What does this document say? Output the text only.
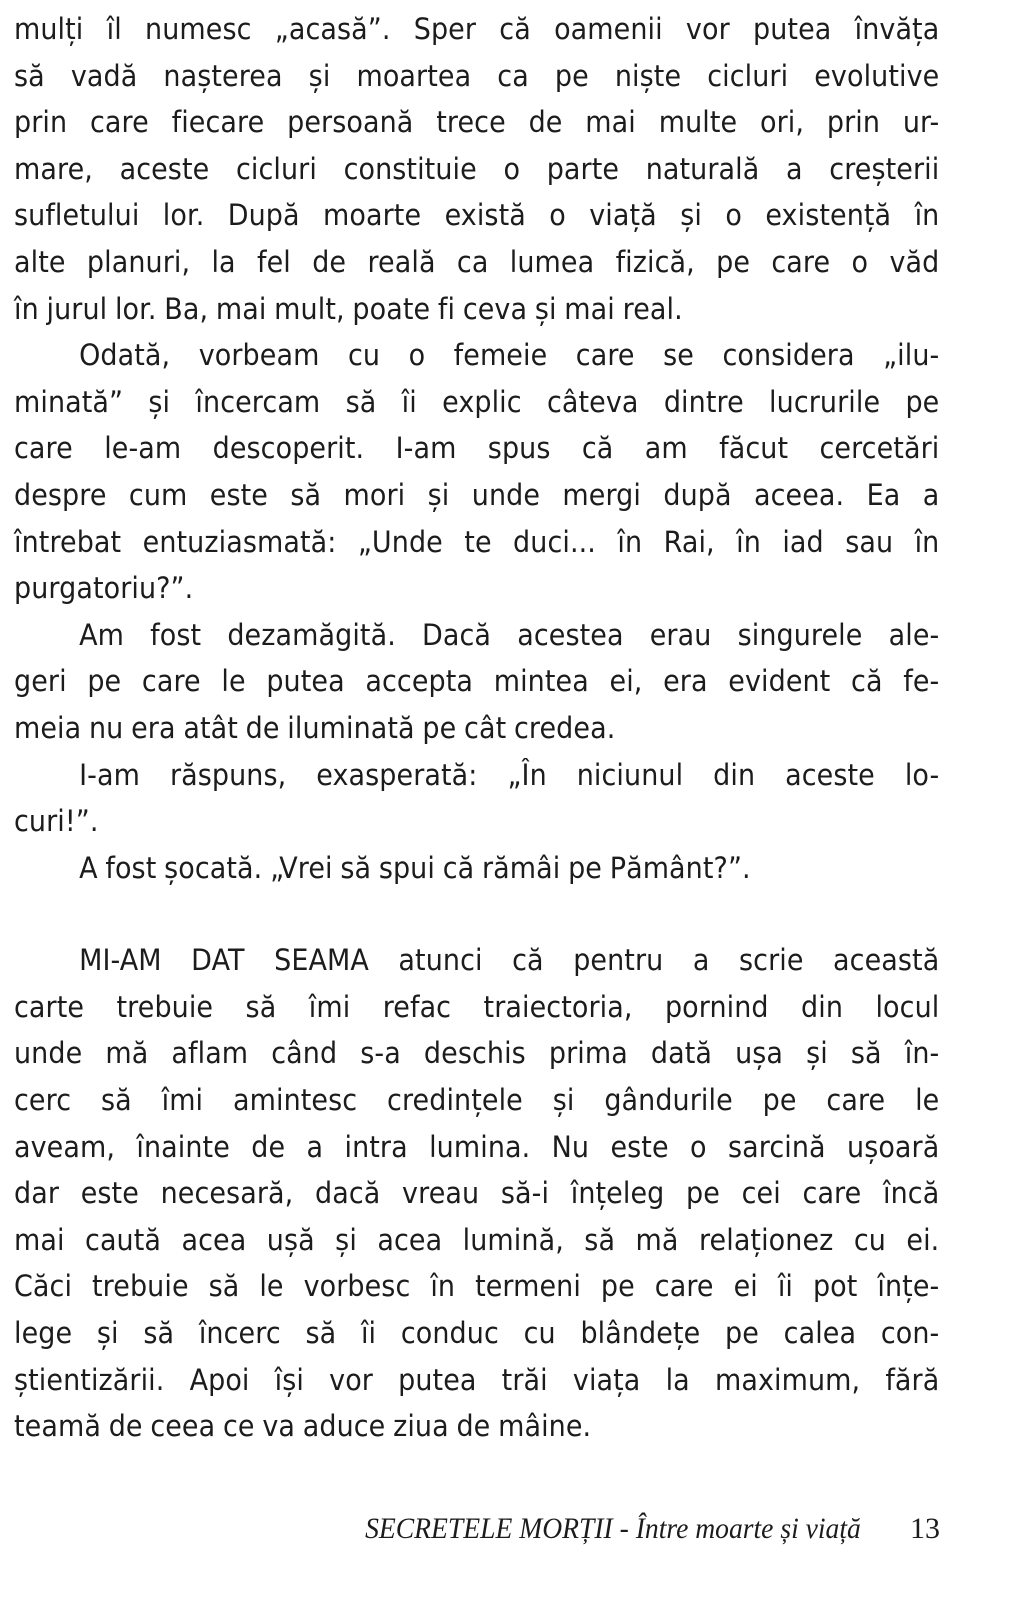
mulți îl numesc „acasă”. Sper că oamenii vor putea învăța
să vadă nașterea și moartea ca pe niște cicluri evolutive
prin care fiecare persoană trece de mai multe ori, prin ur-
mare, aceste cicluri constituie o parte naturală a creșterii
sufletului lor. După moarte există o viață și o existență în
alte planuri, la fel de reală ca lumea fizică, pe care o văd
în jurul lor. Ba, mai mult, poate fi ceva și mai real.
Odată, vorbeam cu o femeie care se considera „ilu-
minată” și încercam să îi explic câteva dintre lucrurile pe
care le-am descoperit. I-am spus că am făcut cercetări
despre cum este să mori și unde mergi după aceea. Ea a
întrebat entuziasmată: „Unde te duci... în Rai, în iad sau în
purgatoriu?”.
Am fost dezamăgită. Dacă acestea erau singurele ale-
geri pe care le putea accepta mintea ei, era evident că fe-
meia nu era atât de iluminată pe cât credea.
I-am răspuns, exasperată: „În niciunul din aceste lo-
curi!”.
A fost șocată. „Vrei să spui că rămâi pe Pământ?”.
MI-AM DAT SEAMA atunci că pentru a scrie această
carte trebuie să îmi refac traiectoria, pornind din locul
unde mă aflam când s-a deschis prima dată ușa și să în-
cerc să îmi amintesc credințele și gândurile pe care le
aveam, înainte de a intra lumina. Nu este o sarcină ușoară
dar este necesară, dacă vreau să-i înțeleg pe cei care încă
mai caută acea ușă și acea lumină, să mă relaționez cu ei.
Căci trebuie să le vorbesc în termeni pe care ei îi pot înțe-
lege și să încerc să îi conduc cu blândețe pe calea con-
știentizării. Apoi își vor putea trăi viața la maximum, fără
teamă de ceea ce va aduce ziua de mâine.
SECRETELE MORȚII - Între moarte și viață 13
